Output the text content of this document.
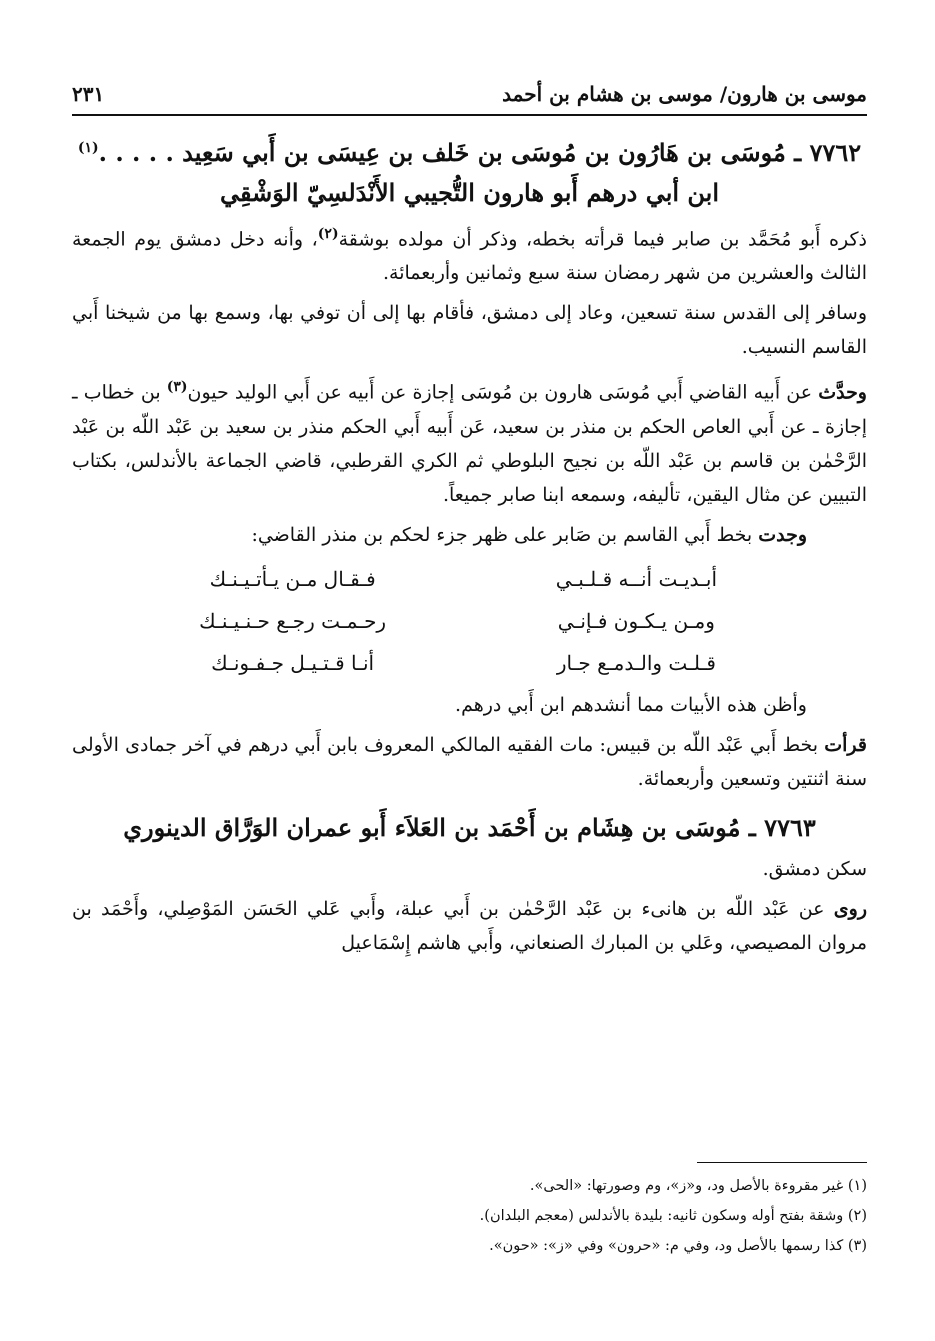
موسى بن هارون/ موسى بن هشام بن أحمد
٢٣١
٧٧٦٢ ـ مُوسَى بن هَارُون بن مُوسَى بن خَلف بن عِيسَى بن أَبي سَعِيد . . . . .$^{(١)}$
ابن أبي درهم أَبو هارون التُّجيبي الأَنْدَلسِيّ الوَشْقِي

ذكره أَبو مُحَمَّد بن صابر فيما قرأته بخطه، وذكر أن مولده بوشقة$^{(٢)}$، وأنه دخل دمشق يوم الجمعة الثالث والعشرين من شهر رمضان سنة سبع وثمانين وأربعمائة.

وسافر إلى القدس سنة تسعين، وعاد إلى دمشق، فأقام بها إلى أن توفي بها، وسمع بها من شيخنا أَبي القاسم النسيب.

وحدَّث عن أَبيه القاضي أَبي مُوسَى هارون بن مُوسَى إجازة عن أَبيه عن أَبي الوليد حيون$^{(٣)}$ بن خطاب ـ إجازة ـ عن أَبي العاص الحكم بن منذر بن سعيد، عَن أَبيه أَبي الحكم منذر بن سعيد بن عَبْد اللّه بن عَبْد الرَّحْمٰن بن قاسم بن عَبْد اللّه بن نجيح البلوطي ثم الكري القرطبي، قاضي الجماعة بالأندلس، بكتاب التبيين عن مثال اليقين، تأليفه، وسمعه ابنا صابر جميعاً.

وجدت بخط أَبي القاسم بن صَابر على ظهر جزء لحكم بن منذر القاضي:

أبـديـت أنــه قـلـبـي
فـقـال مـن يـأتـيـنـك
ومـن يـكـون فـإنـي
رحـمـت رجـع حـنـيـنـك
قـلـت والـدمـع جـار
أنـا قـتـيـل جـفـونـك

وأظن هذه الأبيات مما أنشدهم ابن أَبي درهم.

قرأت بخط أَبي عَبْد اللّه بن قبيس: مات الفقيه المالكي المعروف بابن أَبي درهم في آخر جمادى الأولى سنة اثنتين وتسعين وأربعمائة.

٧٧٦٣ ـ مُوسَى بن هِشَام بن أَحْمَد بن العَلاَء أَبو عمران الوَرَّاق الدينوري

سكن دمشق.

روى عن عَبْد اللّه بن هانىء بن عَبْد الرَّحْمٰن بن أَبي عبلة، وأَبي عَلي الحَسَن المَوْصِلي، وأَحْمَد بن مروان المصيصي، وعَلي بن المبارك الصنعاني، وأَبي هاشم إِسْمَاعيل

(١) غير مقروءة بالأصل ود، و«ز»، وم وصورتها: «الحى».
(٢) وشقة بفتح أوله وسكون ثانيه: بليدة بالأندلس (معجم البلدان).
(٣) كذا رسمها بالأصل ود، وفي م: «حرون» وفي «ز»: «حون».
